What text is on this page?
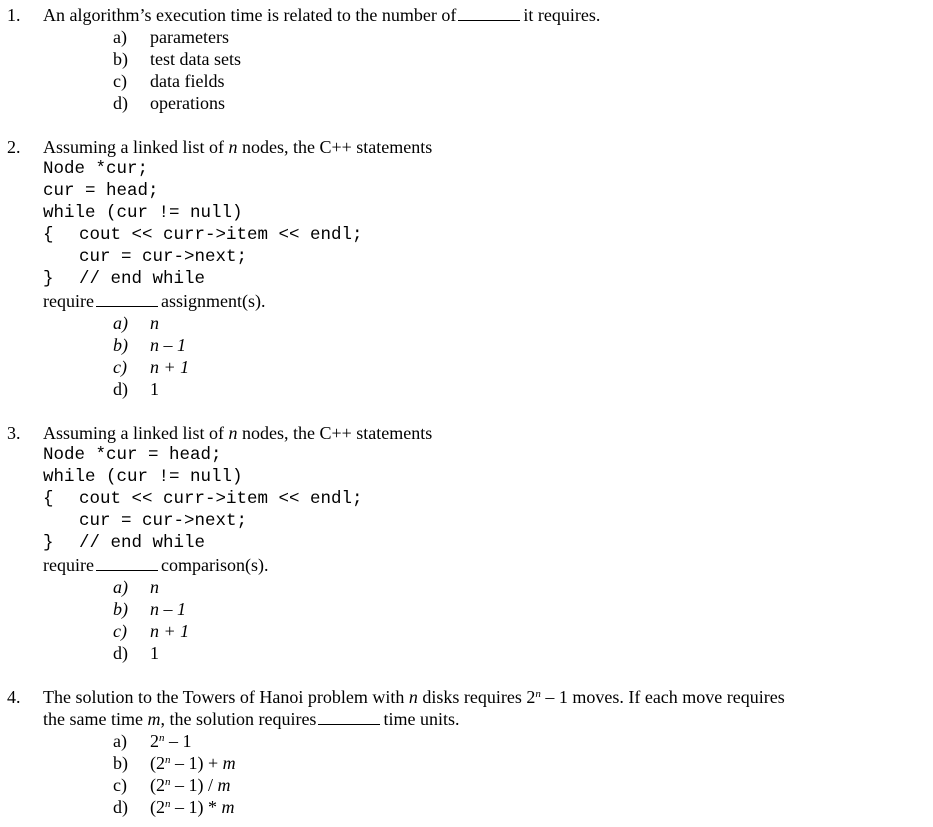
1. An algorithm’s execution time is related to the number of	it requires.
a) parameters
b) test data sets
c) data fields
d) operations
2. Assuming a linked list of n nodes, the C++ statements
Node *cur;
cur = head;
while (cur != null)
{ cout << curr->item << endl;
cur = cur->next;
} // end while
require	assignment(s).
a) n
b) n – 1
c) n + 1
d) 1
3. Assuming a linked list of n nodes, the C++ statements
Node *cur = head;
while (cur != null)
{ cout << curr->item << endl;
cur = cur->next;
} // end while
require	comparison(s).
a) n
b) n – 1
c) n + 1
d) 1
4. The solution to the Towers of Hanoi problem with n disks requires 2$^n$ – 1 moves. If each move requires
the same time m, the solution requires	time units.
a) 2$^n$ – 1
b) (2$^n$ – 1) + m
c) (2$^n$ – 1) / m
d) (2$^n$ – 1) * m
